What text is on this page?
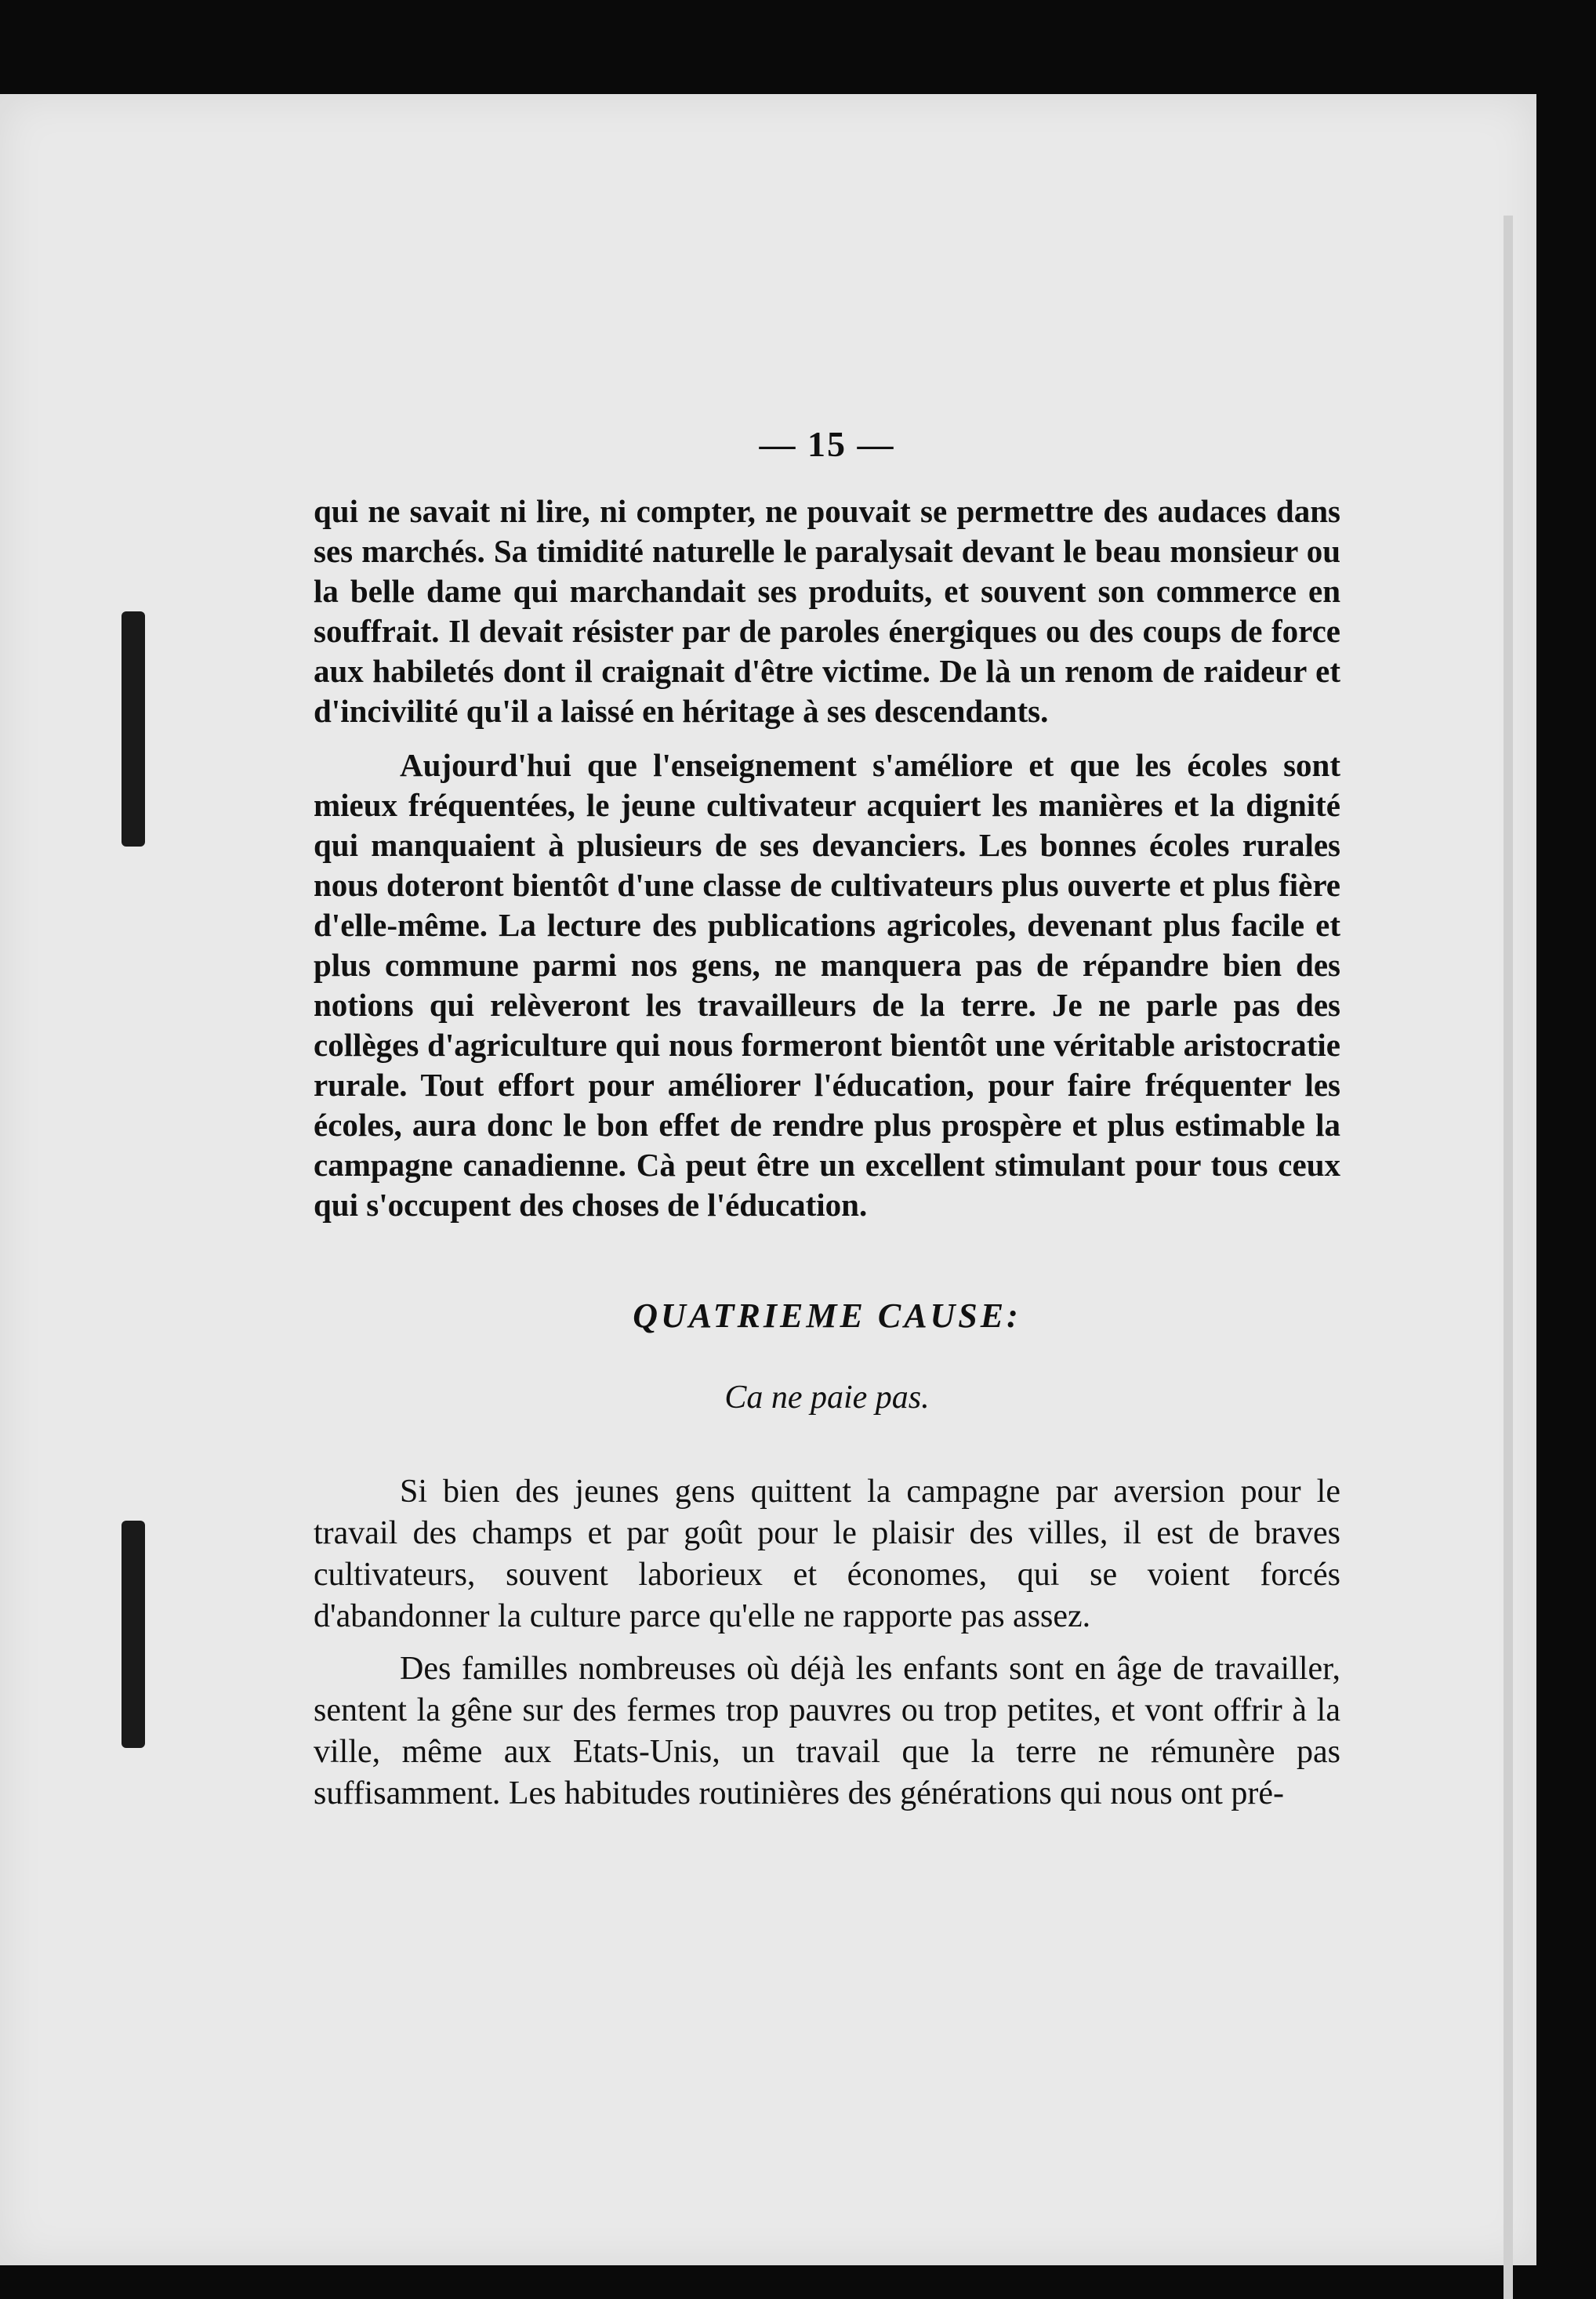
— 15 —

qui ne savait ni lire, ni compter, ne pouvait se permettre des audaces dans ses marchés. Sa timidité naturelle le paralysait devant le beau monsieur ou la belle dame qui marchandait ses produits, et souvent son commerce en souffrait. Il devait résister par de paroles énergiques ou des coups de force aux habiletés dont il craignait d'être victime. De là un renom de raideur et d'incivilité qu'il a laissé en héritage à ses descendants.

Aujourd'hui que l'enseignement s'améliore et que les écoles sont mieux fréquentées, le jeune cultivateur acquiert les manières et la dignité qui manquaient à plusieurs de ses devanciers. Les bonnes écoles rurales nous doteront bientôt d'une classe de cultivateurs plus ouverte et plus fière d'elle-même. La lecture des publications agricoles, devenant plus facile et plus commune parmi nos gens, ne manquera pas de répandre bien des notions qui relèveront les travailleurs de la terre. Je ne parle pas des collèges d'agriculture qui nous formeront bientôt une véritable aristocratie rurale. Tout effort pour améliorer l'éducation, pour faire fréquenter les écoles, aura donc le bon effet de rendre plus prospère et plus estimable la campagne canadienne. Cà peut être un excellent stimulant pour tous ceux qui s'occupent des choses de l'éducation.

QUATRIEME CAUSE:
Ca ne paie pas.

Si bien des jeunes gens quittent la campagne par aversion pour le travail des champs et par goût pour le plaisir des villes, il est de braves cultivateurs, souvent laborieux et économes, qui se voient forcés d'abandonner la culture parce qu'elle ne rapporte pas assez.

Des familles nombreuses où déjà les enfants sont en âge de travailler, sentent la gêne sur des fermes trop pauvres ou trop petites, et vont offrir à la ville, même aux Etats-Unis, un travail que la terre ne rémunère pas suffisamment. Les habitudes routinières des générations qui nous ont pré-
